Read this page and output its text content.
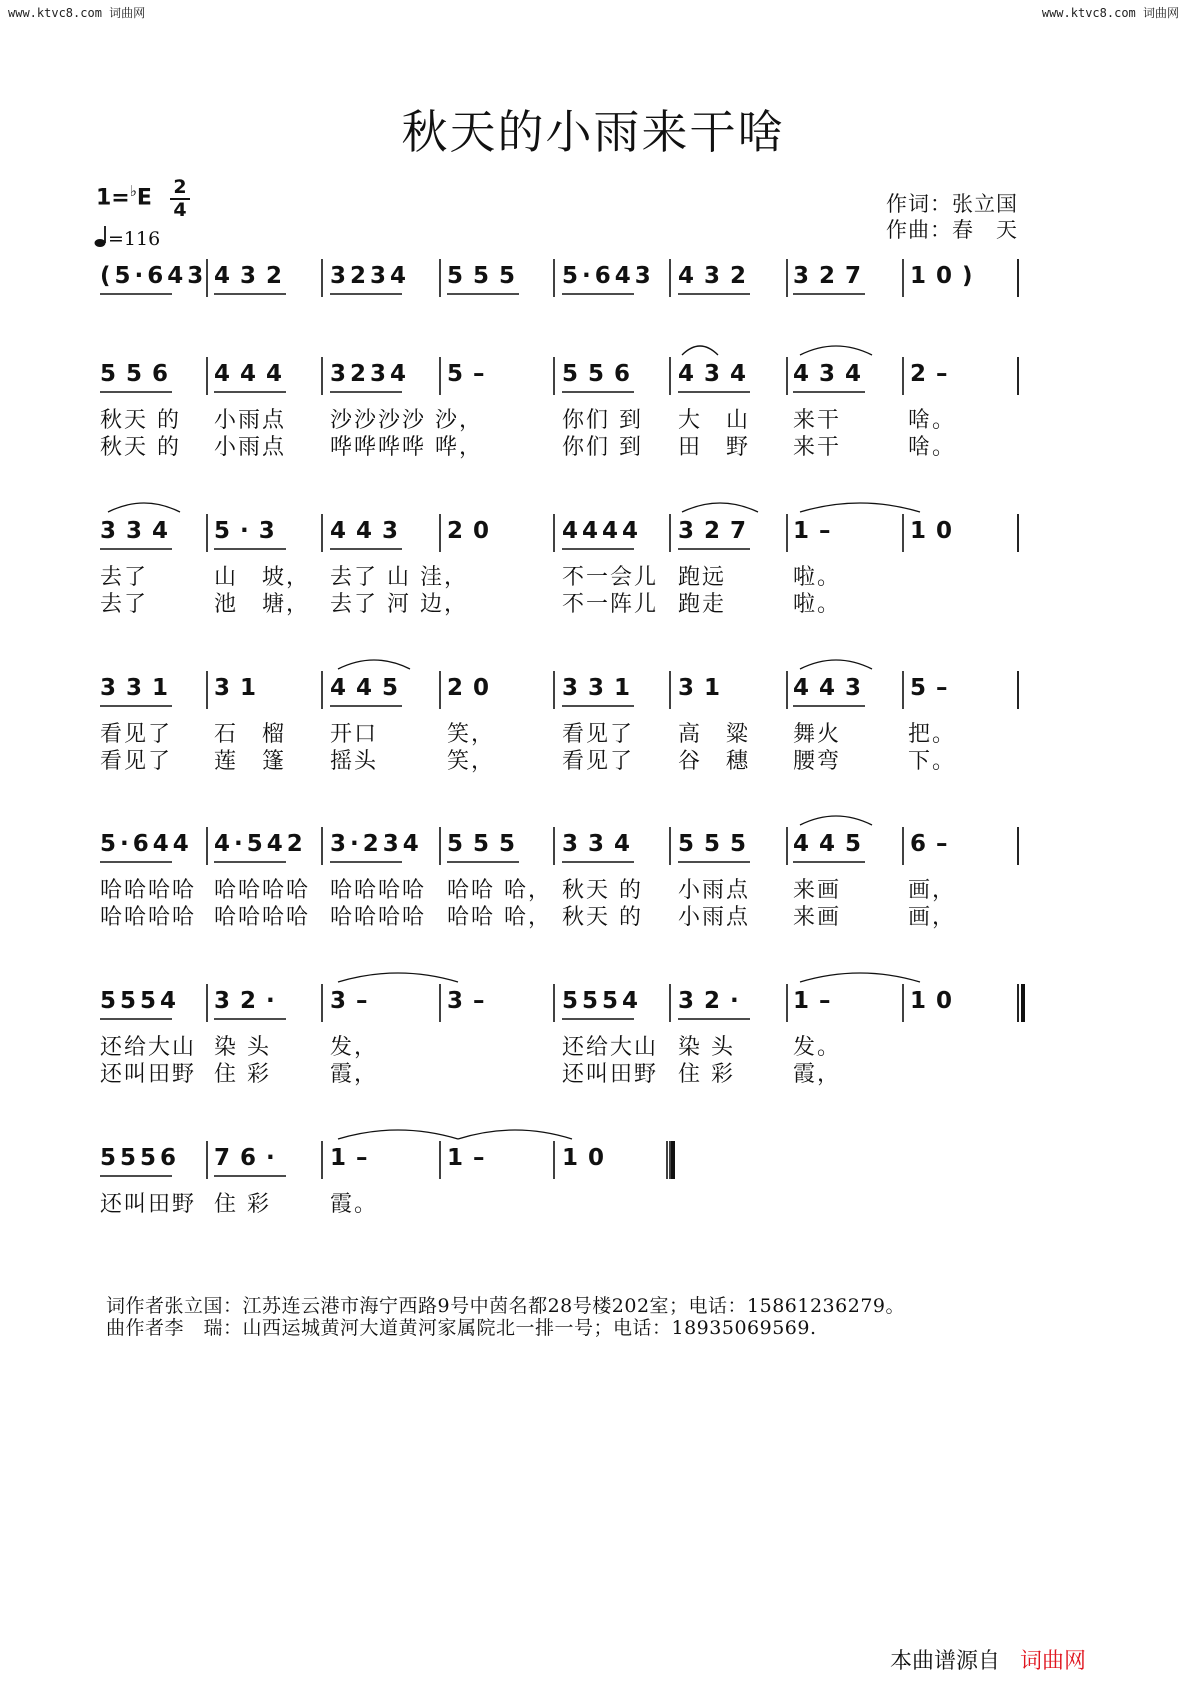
www.ktvc8.com 词曲网	www.ktvc8.com 词曲网
秋天的小雨来干啥
1=♭E 2
4
=116
作词：张立国
作曲：春　天
(5·643 432	3234	555	5·643 432	327	10)
556	444	3234	5–	556	434	434	2–
秋天 的 小雨点 沙沙沙沙 沙，	你们 到 大　山 来干	啥。
秋天 的 小雨点 哗哗哗哗 哗，	你们 到 田　野 来干	啥。
334	5·3	443	20	4444	327	1–	10
去了	山　坡， 去了 山 洼，	不一会儿 跑远	啦。
去了	池　塘， 去了 河 边，	不一阵儿 跑走	啦。
331	31	445	20	331	31	443	5–
看见了 石　榴 开口	笑，	看见了 高　粱 舞火	把。
看见了 莲　篷 摇头	笑，	看见了 谷　穗 腰弯	下。
5·644 4·542 3·234 555	334	555	445	6–
哈哈哈哈 哈哈哈哈 哈哈哈哈 哈哈 哈， 秋天 的 小雨点 来画	画，
哈哈哈哈 哈哈哈哈 哈哈哈哈 哈哈 哈， 秋天 的 小雨点 来画	画，
5554	32·	3–	3–	5554	32·	1–	10
还给大山 染 头	发，	还给大山 染 头	发。
还叫田野 住 彩	霞，	还叫田野 住 彩	霞，
5556	76·	1–	1–	10
还叫田野 住 彩	霞。
词作者张立国：江苏连云港市海宁西路9号中茵名都28号楼202室；电话：15861236279。
曲作者李　瑞：山西运城黄河大道黄河家属院北一排一号；电话：18935069569.
本曲谱源自 词曲网
